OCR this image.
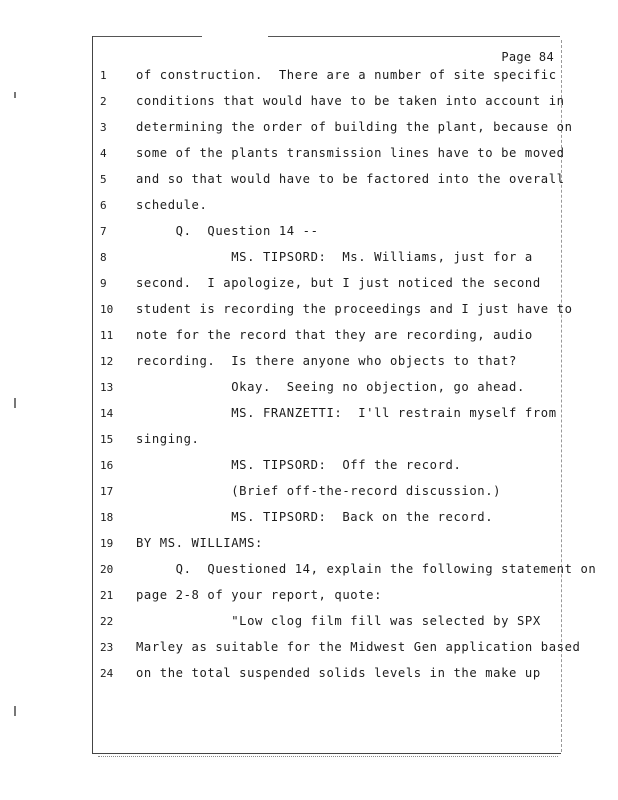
Page 84
1	of construction.  There are a number of site specific
2	conditions that would have to be taken into account in
3	determining the order of building the plant, because on
4	some of the plants transmission lines have to be moved
5	and so that would have to be factored into the overall
6	schedule.
7	Q.  Question 14 --
8	MS. TIPSORD:  Ms. Williams, just for a
9	second.  I apologize, but I just noticed the second
10	student is recording the proceedings and I just have to
11	note for the record that they are recording, audio
12	recording.  Is there anyone who objects to that?
13	Okay.  Seeing no objection, go ahead.
14	MS. FRANZETTI:  I'll restrain myself from
15	singing.
16	MS. TIPSORD:  Off the record.
17	(Brief off-the-record discussion.)
18	MS. TIPSORD:  Back on the record.
19	BY MS. WILLIAMS:
20	Q.  Questioned 14, explain the following statement on
21	page 2-8 of your report, quote:
22	"Low clog film fill was selected by SPX
23	Marley as suitable for the Midwest Gen application based
24	on the total suspended solids levels in the make up
